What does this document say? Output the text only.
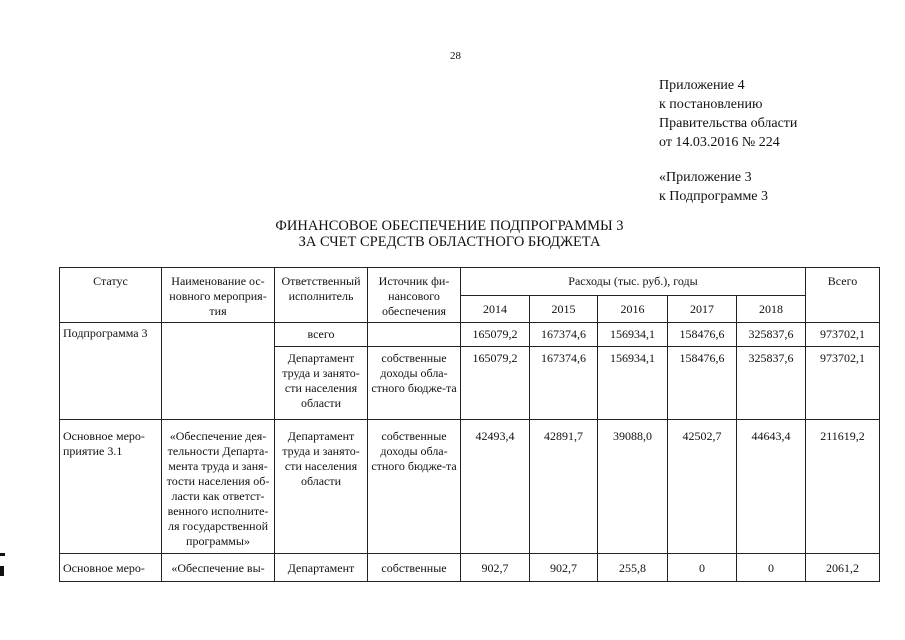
28
Приложение 4
к постановлению
Правительства области
от 14.03.2016 № 224
«Приложение 3
к Подпрограмме 3
ФИНАНСОВОЕ ОБЕСПЕЧЕНИЕ ПОДПРОГРАММЫ 3
ЗА СЧЕТ СРЕДСТВ ОБЛАСТНОГО БЮДЖЕТА
Статус	Наименование ос-новного мероприя-тия	Ответственный исполнитель	Источник фи-нансового обеспечения	Расходы (тыс. руб.), годы					Всего

				2014	2015	2016	2017	2018	
Подпрограмма 3		всего		165079,2	167374,6	156934,1	158476,6	325837,6	973702,1
		Департамент труда и занято-сти населения области	собственные доходы обла-стного бюдже-та	165079,2	167374,6	156934,1	158476,6	325837,6	973702,1
Основное меро-приятие 3.1	«Обеспечение дея-тельности Департа-мента труда и заня-тости населения об-ласти как ответст-венного исполните-ля государственной программы»	Департамент труда и занято-сти населения области	собственные доходы обла-стного бюдже-та	42493,4	42891,7	39088,0	42502,7	44643,4	211619,2
Основное меро-	«Обеспечение вы-	Департамент	собственные	902,7	902,7	255,8	0	0	2061,2
